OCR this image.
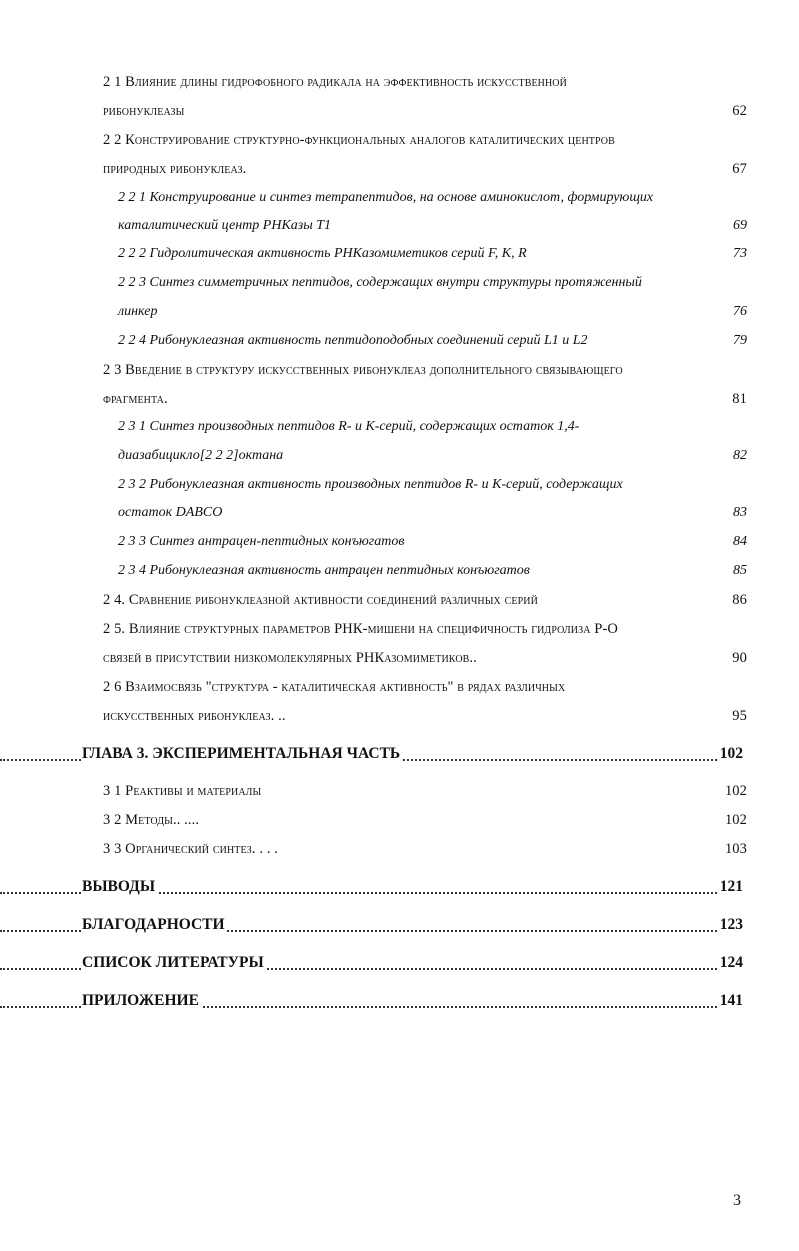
2 1 Влияние длины гидрофобного радикала на эффективность искусственной
рибонуклеазы	62
2 2 Конструирование структурно-функциональных аналогов каталитических центров
природных рибонуклеаз.	67
2 2 1 Конструирование и синтез тетрапептидов, на основе аминокислот, формирующих
каталитический центр РНКазы Т1	69
2 2 2 Гидролитическая активность РНКазомиметиков серий F, K, R	73
2 2 3 Синтез симметричных пептидов, содержащих внутри структуры протяженный
линкер	76
2 2 4 Рибонуклеазная активность пептидоподобных соединений серий L1 и L2	79
2 3 Введение в структуру искусственных рибонуклеаз дополнительного связывающего
фрагмента.	81
2 3 1 Синтез производных пептидов R- и К-серий, содержащих остаток 1,4-
диазабицикло[2 2 2]октана	82
2 3 2 Рибонуклеазная активность производных пептидов R- и К-серий, содержащих
остаток DABCO	83
2 3 3 Синтез антрацен-пептидных конъюгатов	84
2 3 4 Рибонуклеазная активность антрацен пептидных конъюгатов	85
2 4. Сравнение рибонуклеазной активности соединений различных серий	86
2 5. Влияние структурных параметров РНК-мишени на специфичность гидролиза Р-О
связей в присутствии низкомолекулярных РНКазомиметиков..	90
2 6 Взаимосвязь "структура - каталитическая активность" в рядах различных
искусственных рибонуклеаз. ..	95
ГЛАВА 3. ЭКСПЕРИМЕНТАЛЬНАЯ ЧАСТЬ	102
3 1 Реактивы и материалы	102
3 2 Методы.. ....	102
3 3 Органический синтез. . . .	103
ВЫВОДЫ	121
БЛАГОДАРНОСТИ	123
СПИСОК ЛИТЕРАТУРЫ	124
ПРИЛОЖЕНИЕ	141
3
